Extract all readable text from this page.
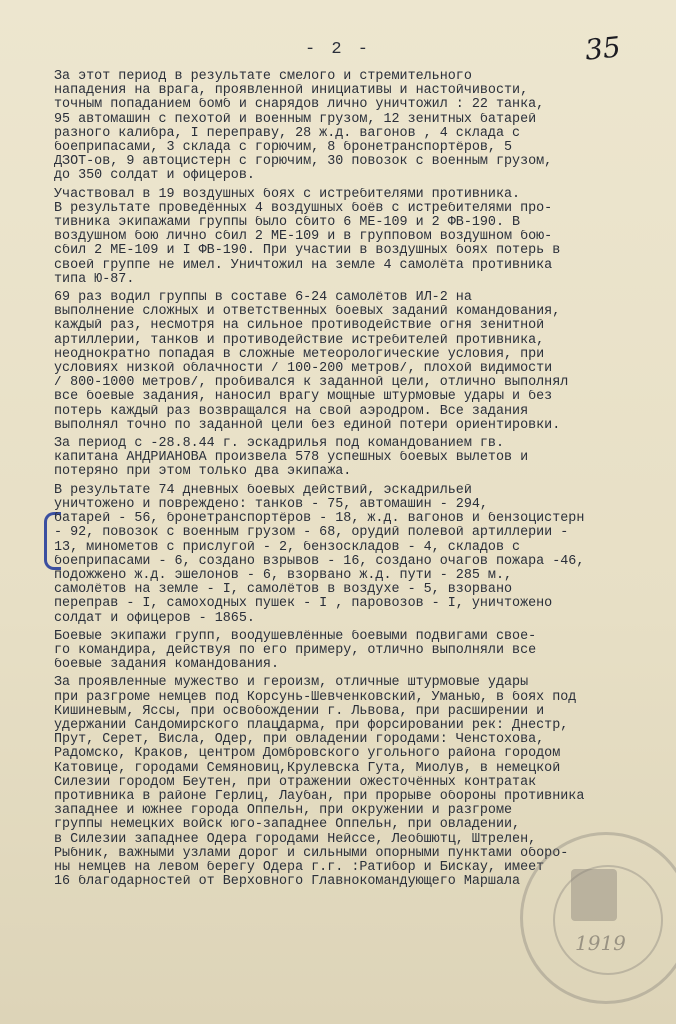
- 2 -	35
За этот период в результате смелого и стремительного
нападения на врага, проявленной инициативы и настойчивости,
точным попаданием бомб и снарядов лично уничтожил : 22 танка,
95 автомашин с пехотой и военным грузом, 12 зенитных батарей
разного калибра, I переправу, 28 ж.д. вагонов , 4 склада с
боеприпасами, 3 склада с горючим, 8 бронетранспортёров, 5
ДЗОТ-ов, 9 автоцистерн с горючим, 30 повозок с военным грузом,
до 350 солдат и офицеров.
Участвовал в 19 воздушных боях с истребителями противника.
В результате проведённых 4 воздушных боёв с истребителями про-
тивника экипажами группы было сбито 6 МЕ-109 и 2 ФВ-190. В
воздушном бою лично сбил 2 МЕ-109 и в групповом воздушном бою-
сбил 2 МЕ-109 и I ФВ-190. При участии в воздушных боях потерь в
своей группе не имел. Уничтожил на земле 4 самолёта противника
типа Ю-87.
69 раз водил группы в составе 6-24 самолётов ИЛ-2 на
выполнение сложных и ответственных боевых заданий командования,
каждый раз, несмотря на сильное противодействие огня зенитной
артиллерии, танков и противодействие истребителей противника,
неоднократно попадая в сложные метеорологические условия, при
условиях низкой облачности / 100-200 метров/, плохой видимости
/ 800-1000 метров/, пробивался к заданной цели, отлично выполнял
все боевые задания, наносил врагу мощные штурмовые удары и без
потерь каждый раз возвращался на свой аэродром. Все задания
выполнял точно по заданной цели без единой потери ориентировки.
За период с -28.8.44 г. эскадрилья под командованием гв.
капитана АНДРИАНОВА произвела 578 успешных боевых вылетов и
потеряно при этом только два экипажа.
В результате 74 дневных боевых действий, эскадрильей
уничтожено и повреждено: танков - 75, автомашин - 294,
батарей - 56, бронетранспортёров - 18, ж.д. вагонов и бензоцистерн
- 92, повозок с военным грузом - 68, орудий полевой артиллерии -
13, минометов с прислугой - 2, бензоскладов - 4, складов с
боеприпасами - 6, создано взрывов - 16, создано очагов пожара -46,
подожжено ж.д. эшелонов - 6, взорвано ж.д. пути - 285 м.,
самолётов на земле - I, самолётов в воздухе - 5, взорвано
переправ - I, самоходных пушек - I , паровозов - I, уничтожено
солдат и офицеров - 1865.
Боевые экипажи групп, воодушевлённые боевыми подвигами свое-
го командира, действуя по его примеру, отлично выполняли все
боевые задания командования.
За проявленные мужество и героизм, отличные штурмовые удары
при разгроме немцев под Корсунь-Шевченковский, Уманью, в боях под
Кишиневым, Яссы, при освобождении г. Львова, при расширении и
удержании Сандомирского плацдарма, при форсировании рек: Днестр,
Прут, Серет, Висла, Одер, при овладении городами: Ченстохова,
Радомско, Краков, центром Домбровского угольного района городом
Катовице, городами Семяновиц,Крулевска Гута, Миолув, в немецкой
Силезии городом Беутен, при отражении ожесточённых контратак
противника в районе Герлиц, Лаубан, при прорыве обороны противника
западнее и южнее города Оппельн, при окружении и разгроме
группы немецких войск юго-западнее Оппельн, при овладении,
в Силезии западнее Одера городами Нейссе, Леобшютц, Штрелен,
Рыбник, важными узлами дорог и сильными опорными пунктами оборо-
ны немцев на левом берегу Одера г.г. :Ратибор и Бискау, имеет
16 благодарностей от Верховного Главнокомандующего Маршала
1919
